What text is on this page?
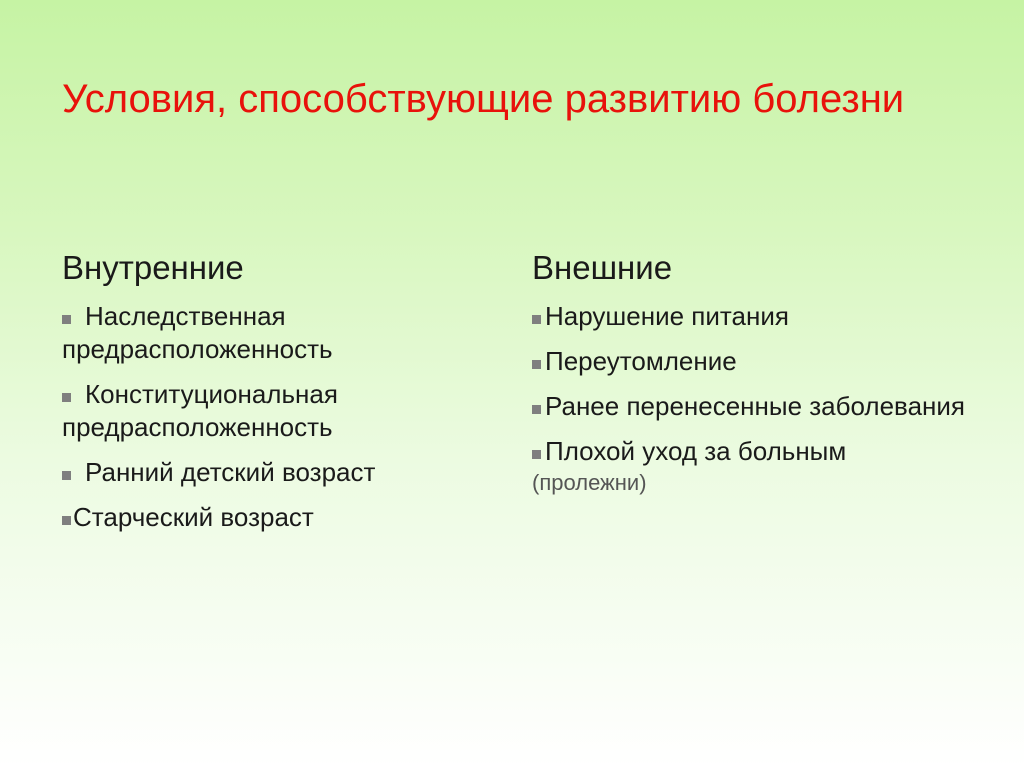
Условия, способствующие развитию болезни
Внутренние
Наследственная предрасположенность
Конституциональная предрасположенность
Ранний детский возраст
Старческий возраст
Внешние
Нарушение питания
Переутомление
Ранее перенесенные заболевания
Плохой уход за больным
(пролежни)
